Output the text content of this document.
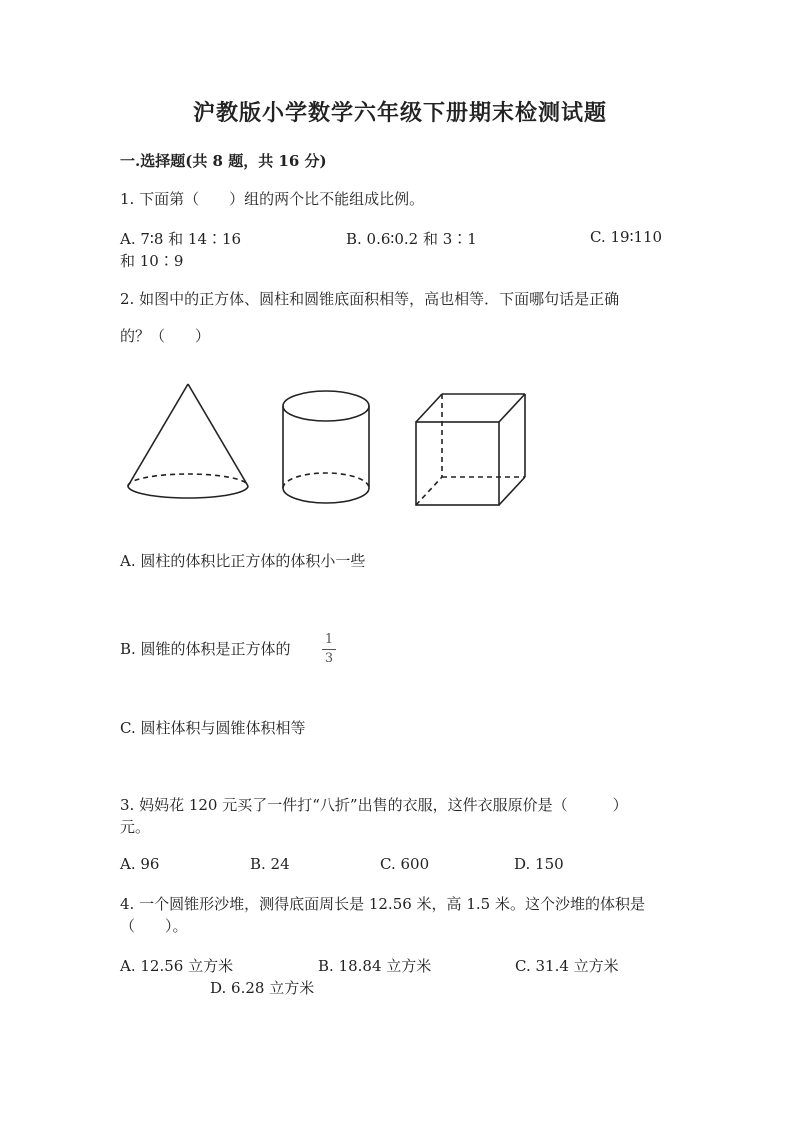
沪教版小学数学六年级下册期末检测试题
一.选择题(共 8 题，共 16 分)
1. 下面第（　　）组的两个比不能组成比例。
A. 7∶8 和 14∶16	B. 0.6∶0.2 和 3∶1	C. 19∶110
和 10∶9
2. 如图中的正方体、圆柱和圆锥底面积相等，高也相等．下面哪句话是正确
的？（　　）
A. 圆柱的体积比正方体的体积小一些
B. 圆锥的体积是正方体的
1
3
C. 圆柱体积与圆锥体积相等
3. 妈妈花 120 元买了一件打“八折”出售的衣服，这件衣服原价是（　　　）
元。
A. 96	B. 24	C. 600	D. 150
4. 一个圆锥形沙堆，测得底面周长是 12.56 米，高 1.5 米。这个沙堆的体积是
（　　）。
A. 12.56 立方米	B. 18.84 立方米	C. 31.4 立方米
D. 6.28 立方米
